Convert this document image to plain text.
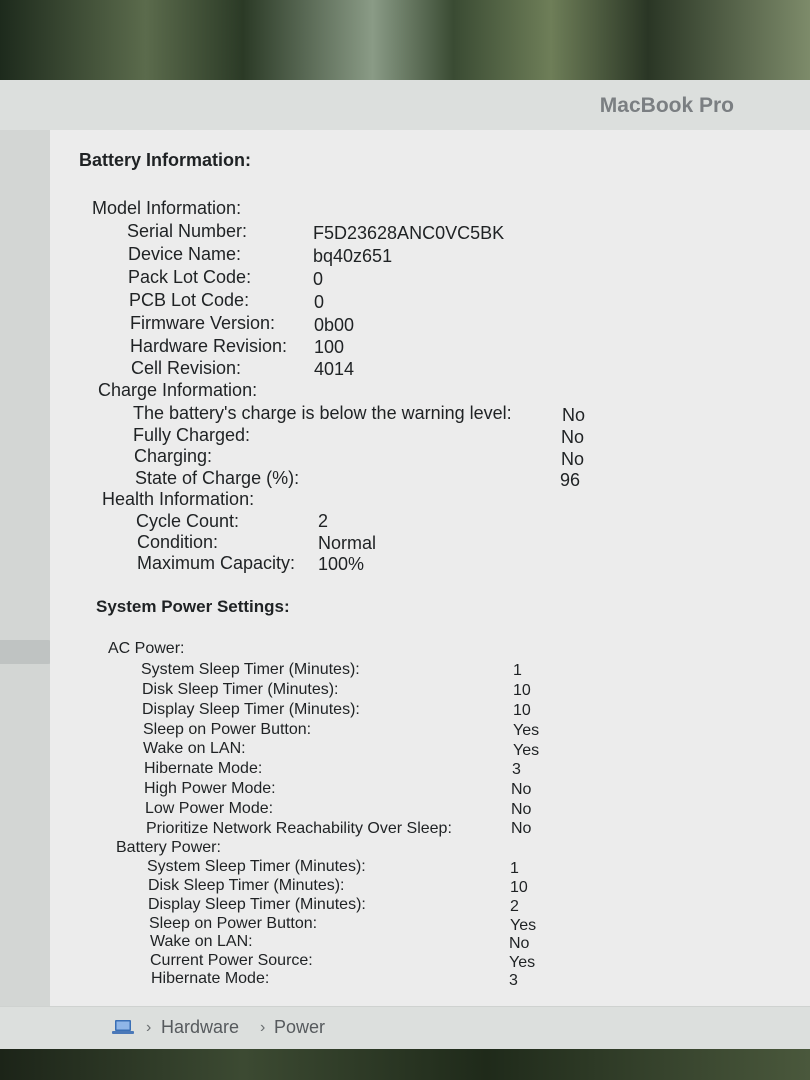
MacBook Pro
Battery Information:
Model Information:
Serial Number:	F5D23628ANC0VC5BK
Device Name:	bq40z651
Pack Lot Code:	0
PCB Lot Code:	0
Firmware Version: 0b00
Hardware Revision: 100
Cell Revision:	4014
Charge Information:
The battery's charge is below the warning level:	No
Fully Charged:	No
Charging:	No
State of Charge (%):	96
Health Information:
Cycle Count:	2
Condition:	Normal
Maximum Capacity: 100%
System Power Settings:
AC Power:
System Sleep Timer (Minutes):	1
Disk Sleep Timer (Minutes):	10
Display Sleep Timer (Minutes):	10
Sleep on Power Button:	Yes
Wake on LAN:	Yes
Hibernate Mode:	3
High Power Mode:	No
Low Power Mode:	No
Prioritize Network Reachability Over Sleep:	No
Battery Power:
System Sleep Timer (Minutes):	1
Disk Sleep Timer (Minutes):	10
Display Sleep Timer (Minutes):	2
Sleep on Power Button:	Yes
Wake on LAN:	No
Current Power Source:	Yes
Hibernate Mode:	3
› Hardware › Power
